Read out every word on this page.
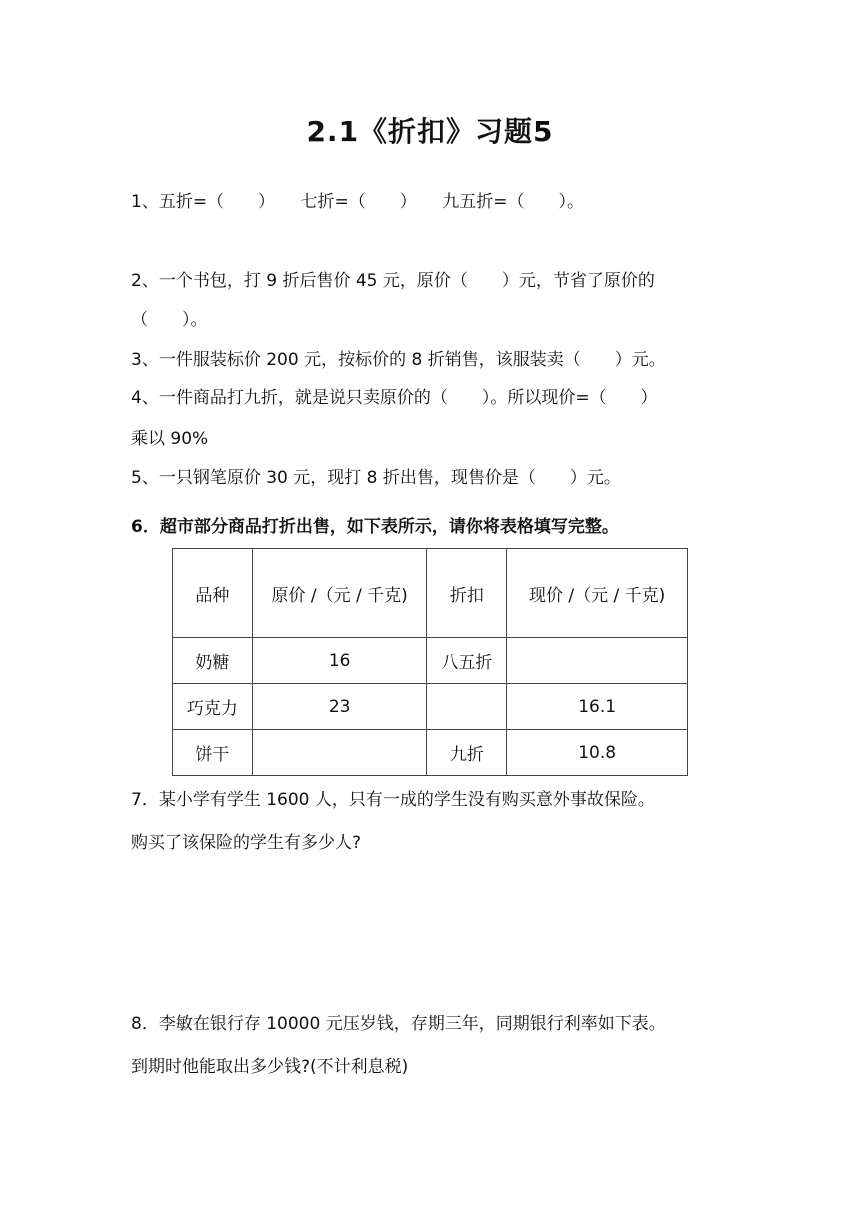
2.1《折扣》习题5
1、五折=（　　）　　七折=（　　）　　九五折=（　　）。
2、一个书包，打 9 折后售价 45 元，原价（　　）元，节省了原价的
（　　）。
3、一件服装标价 200 元，按标价的 8 折销售，该服装卖（　　）元。
4、一件商品打九折，就是说只卖原价的（　　）。所以现价=（　　）
乘以 90%
5、一只钢笔原价 30 元，现打 8 折出售，现售价是（　　）元。
6．超市部分商品打折出售，如下表所示，请你将表格填写完整。
品种	原价 /（元 / 千克)	折扣	现价 /（元 / 千克)
奶糖	16	八五折	
巧克力	23		16.1
饼干		九折	10.8
7．某小学有学生 1600 人，只有一成的学生没有购买意外事故保险。
购买了该保险的学生有多少人?
8．李敏在银行存 10000 元压岁钱，存期三年，同期银行利率如下表。
到期时他能取出多少钱?(不计利息税)
